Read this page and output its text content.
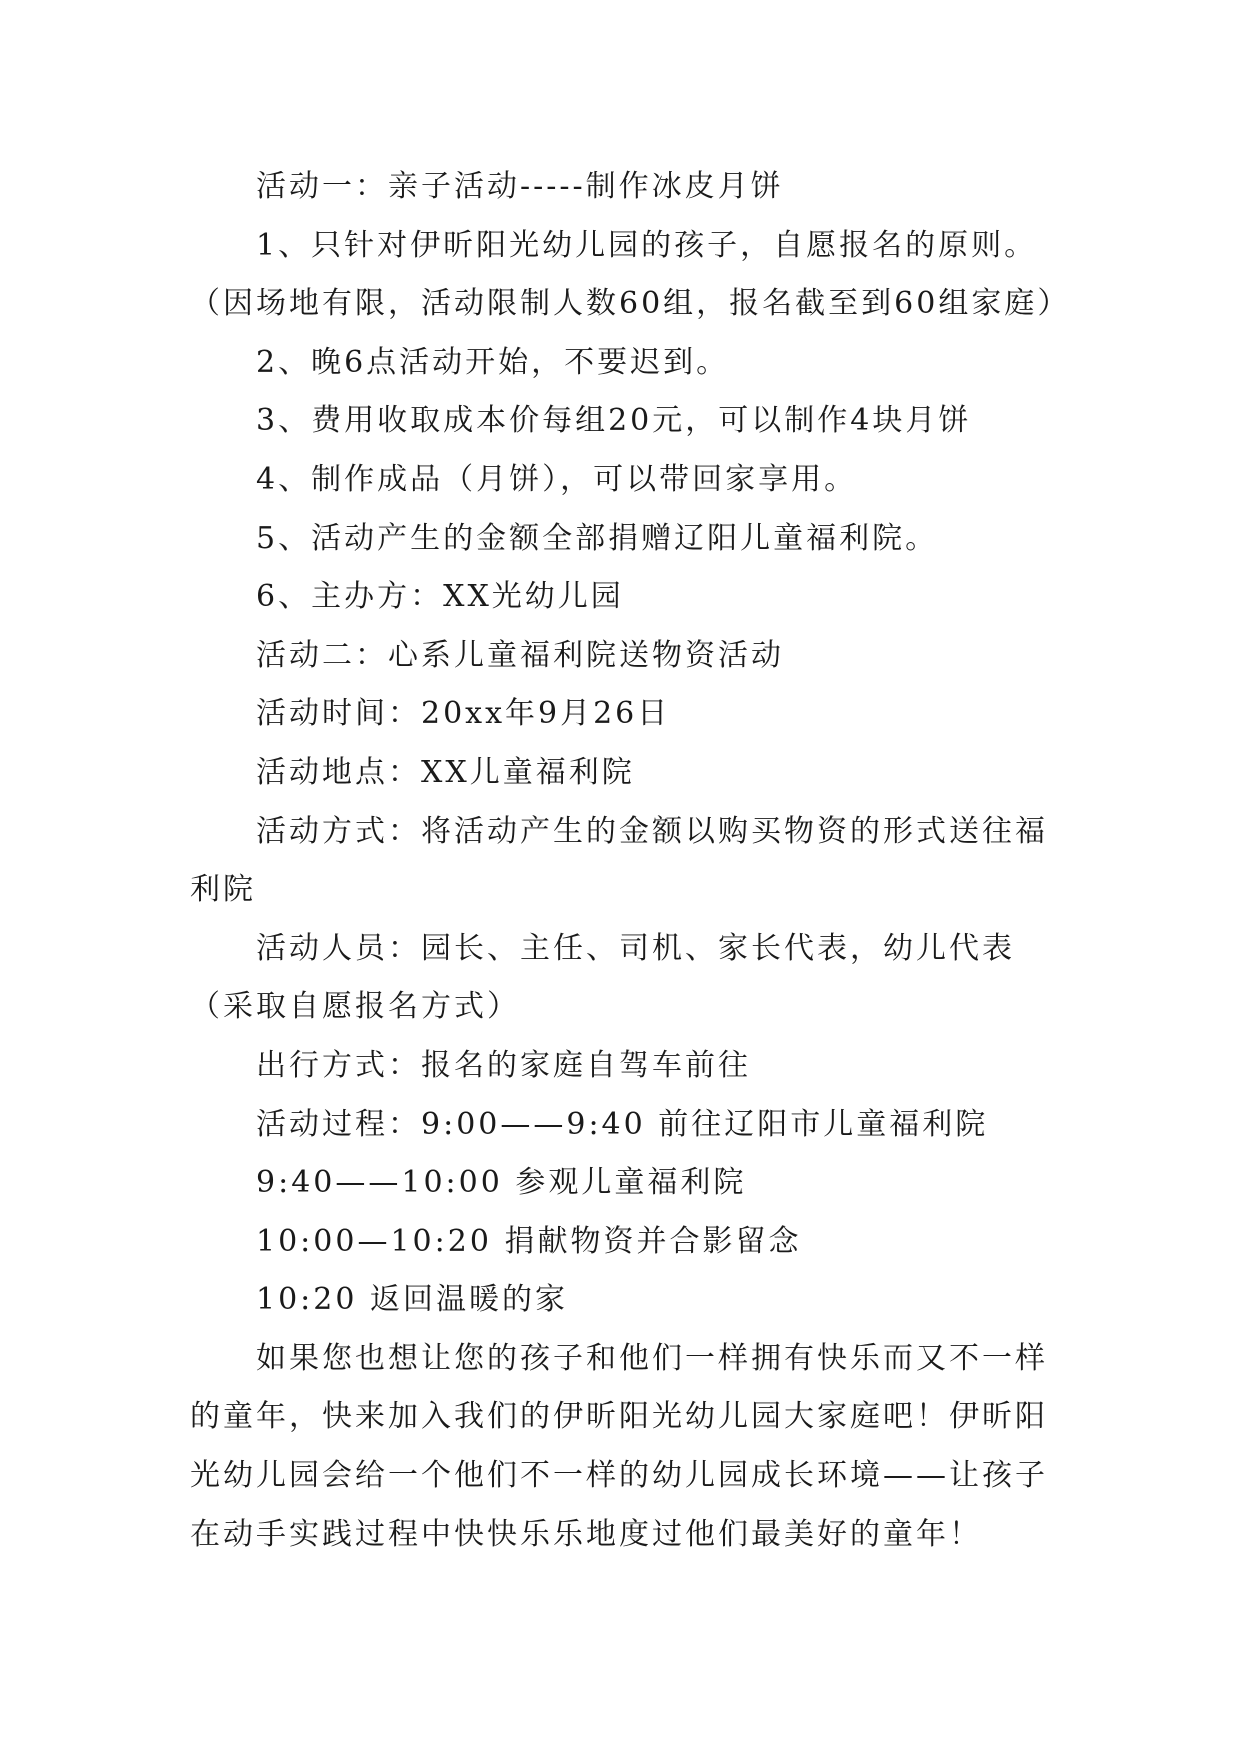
活动一：亲子活动-----制作冰皮月饼

1、只针对伊昕阳光幼儿园的孩子，自愿报名的原则。（因场地有限，活动限制人数60组，报名截至到60组家庭）

2、晚6点活动开始，不要迟到。

3、费用收取成本价每组20元，可以制作4块月饼

4、制作成品（月饼），可以带回家享用。

5、活动产生的金额全部捐赠辽阳儿童福利院。

6、主办方：XX光幼儿园

活动二：心系儿童福利院送物资活动

活动时间：20xx年9月26日

活动地点：XX儿童福利院

活动方式：将活动产生的金额以购买物资的形式送往福利院

活动人员：园长、主任、司机、家长代表，幼儿代表（采取自愿报名方式）

出行方式：报名的家庭自驾车前往

活动过程：9:00——9:40 前往辽阳市儿童福利院

9:40——10:00 参观儿童福利院

10:00—10:20 捐献物资并合影留念

10:20 返回温暖的家

如果您也想让您的孩子和他们一样拥有快乐而又不一样的童年，快来加入我们的伊昕阳光幼儿园大家庭吧！伊昕阳光幼儿园会给一个他们不一样的幼儿园成长环境——让孩子在动手实践过程中快快乐乐地度过他们最美好的童年！
